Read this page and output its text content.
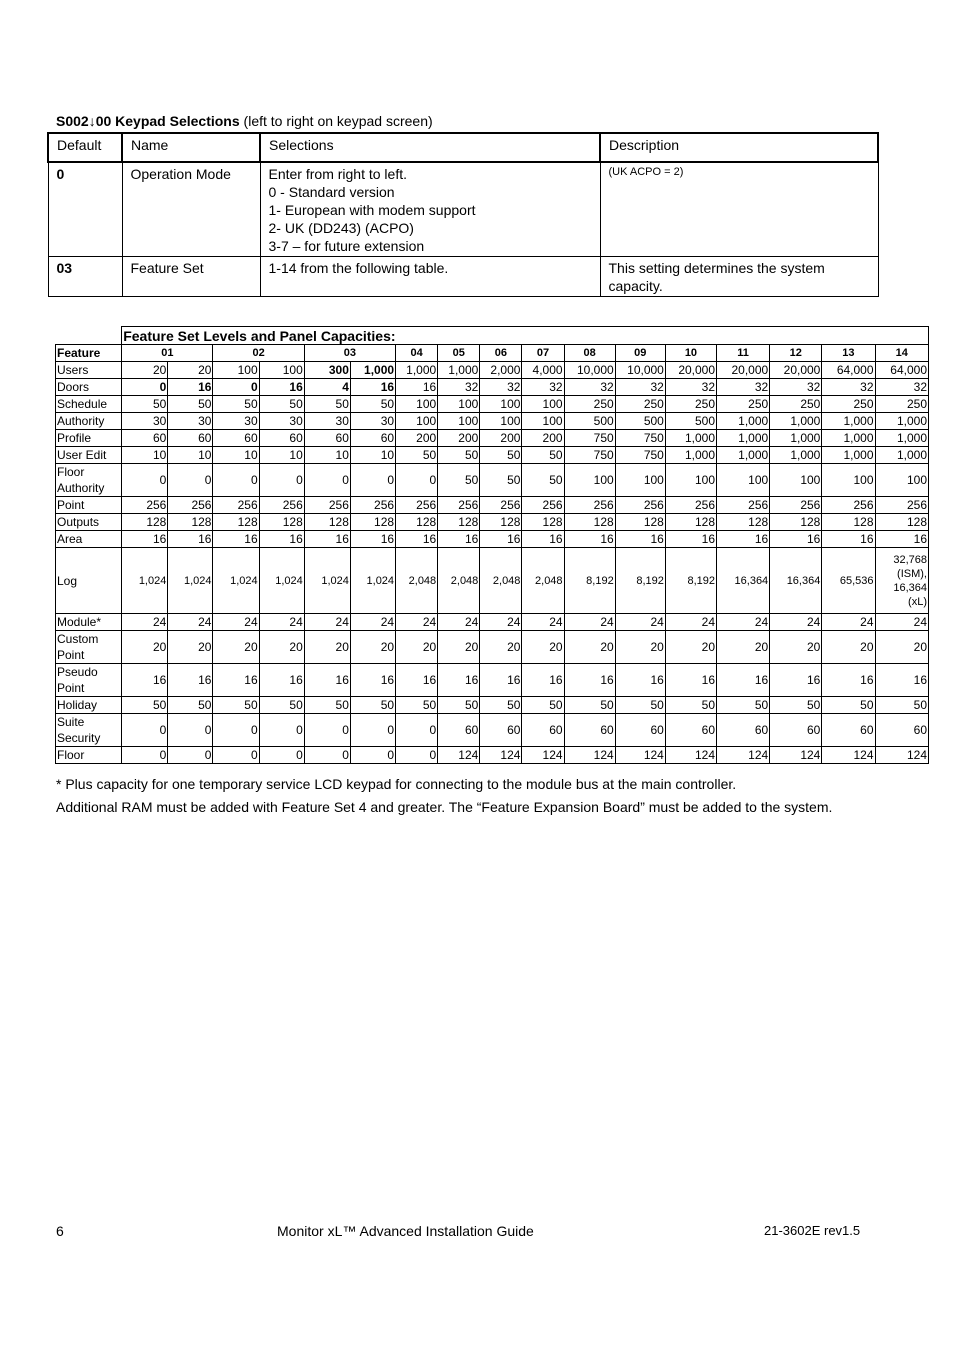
S002↓00 Keypad Selections (left to right on keypad screen)
Default	Name	Selections	Description
0	Operation Mode	Enter from right to left.
0 - Standard version
1- European with modem support
2- UK (DD243) (ACPO)
3-7 – for future extension	(UK ACPO = 2)
03	Feature Set	1-14 from the following table.	This setting determines the system capacity.
	Feature Set Levels and Panel Capacities:																
Feature	01		02		03		04	05	06	07	08	09	10	11	12	13	14
Users	20	20	100	100	300	1,000	1,000	1,000	2,000	4,000	10,000	10,000	20,000	20,000	20,000	64,000	64,000
Doors	0	16	0	16	4	16	16	32	32	32	32	32	32	32	32	32	32
Schedule	50	50	50	50	50	50	100	100	100	100	250	250	250	250	250	250	250
Authority	30	30	30	30	30	30	100	100	100	100	500	500	500	1,000	1,000	1,000	1,000
Profile	60	60	60	60	60	60	200	200	200	200	750	750	1,000	1,000	1,000	1,000	1,000
User Edit	10	10	10	10	10	10	50	50	50	50	750	750	1,000	1,000	1,000	1,000	1,000
Floor Authority	0	0	0	0	0	0	0	50	50	50	100	100	100	100	100	100	100
Point	256	256	256	256	256	256	256	256	256	256	256	256	256	256	256	256	256
Outputs	128	128	128	128	128	128	128	128	128	128	128	128	128	128	128	128	128
Area	16	16	16	16	16	16	16	16	16	16	16	16	16	16	16	16	16
Log	1,024	1,024	1,024	1,024	1,024	1,024	2,048	2,048	2,048	2,048	8,192	8,192	8,192	16,364	16,364	65,536	32,768 (ISM), 16,364 (xL)
Module*	24	24	24	24	24	24	24	24	24	24	24	24	24	24	24	24	24
Custom Point	20	20	20	20	20	20	20	20	20	20	20	20	20	20	20	20	20
Pseudo Point	16	16	16	16	16	16	16	16	16	16	16	16	16	16	16	16	16
Holiday	50	50	50	50	50	50	50	50	50	50	50	50	50	50	50	50	50
Suite Security	0	0	0	0	0	0	0	60	60	60	60	60	60	60	60	60	60
Floor	0	0	0	0	0	0	0	124	124	124	124	124	124	124	124	124	124
* Plus capacity for one temporary service LCD keypad for connecting to the module bus at the main controller.
Additional RAM must be added with Feature Set 4 and greater. The “Feature Expansion Board” must be added to the system.
6	Monitor xL™ Advanced Installation Guide	21-3602E rev1.5
